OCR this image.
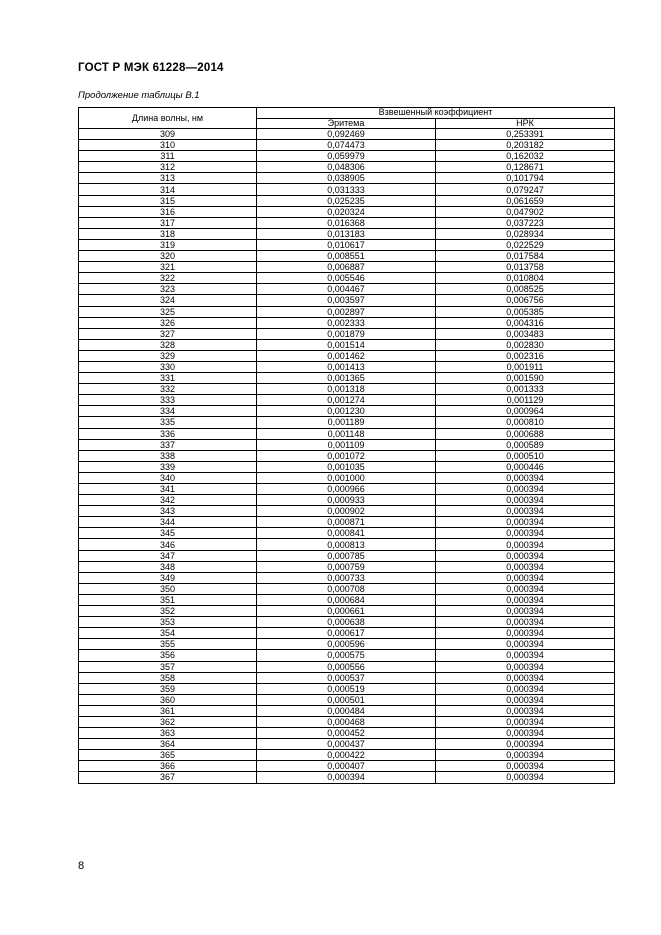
ГОСТ Р МЭК 61228—2014
Продолжение таблицы В.1
Длина волны, нм	Взвешенный коэффициент	
	Эритема	НРК
309	0,092469	0,253391
310	0,074473	0,203182
311	0,059979	0,162032
312	0,048306	0,128671
313	0,038905	0,101794
314	0,031333	0,079247
315	0,025235	0,061659
316	0,020324	0,047902
317	0,016368	0,037223
318	0,013183	0,028934
319	0,010617	0,022529
320	0,008551	0,017584
321	0,006887	0,013758
322	0,005546	0,010804
323	0,004467	0,008525
324	0,003597	0,006756
325	0,002897	0,005385
326	0,002333	0,004316
327	0,001879	0,003483
328	0,001514	0,002830
329	0,001462	0,002316
330	0,001413	0,001911
331	0,001365	0,001590
332	0,001318	0,001333
333	0,001274	0,001129
334	0,001230	0,000964
335	0,001189	0,000810
336	0,001148	0,000688
337	0,001109	0,000589
338	0,001072	0,000510
339	0,001035	0,000446
340	0,001000	0,000394
341	0,000966	0,000394
342	0,000933	0,000394
343	0,000902	0,000394
344	0,000871	0,000394
345	0,000841	0,000394
346	0,000813	0,000394
347	0,000785	0,000394
348	0,000759	0,000394
349	0,000733	0,000394
350	0,000708	0,000394
351	0,000684	0,000394
352	0,000661	0,000394
353	0,000638	0,000394
354	0,000617	0,000394
355	0,000596	0,000394
356	0,000575	0,000394
357	0,000556	0,000394
358	0,000537	0,000394
359	0,000519	0,000394
360	0,000501	0,000394
361	0,000484	0,000394
362	0,000468	0,000394
363	0,000452	0,000394
364	0,000437	0,000394
365	0,000422	0,000394
366	0,000407	0,000394
367	0,000394	0,000394
8
